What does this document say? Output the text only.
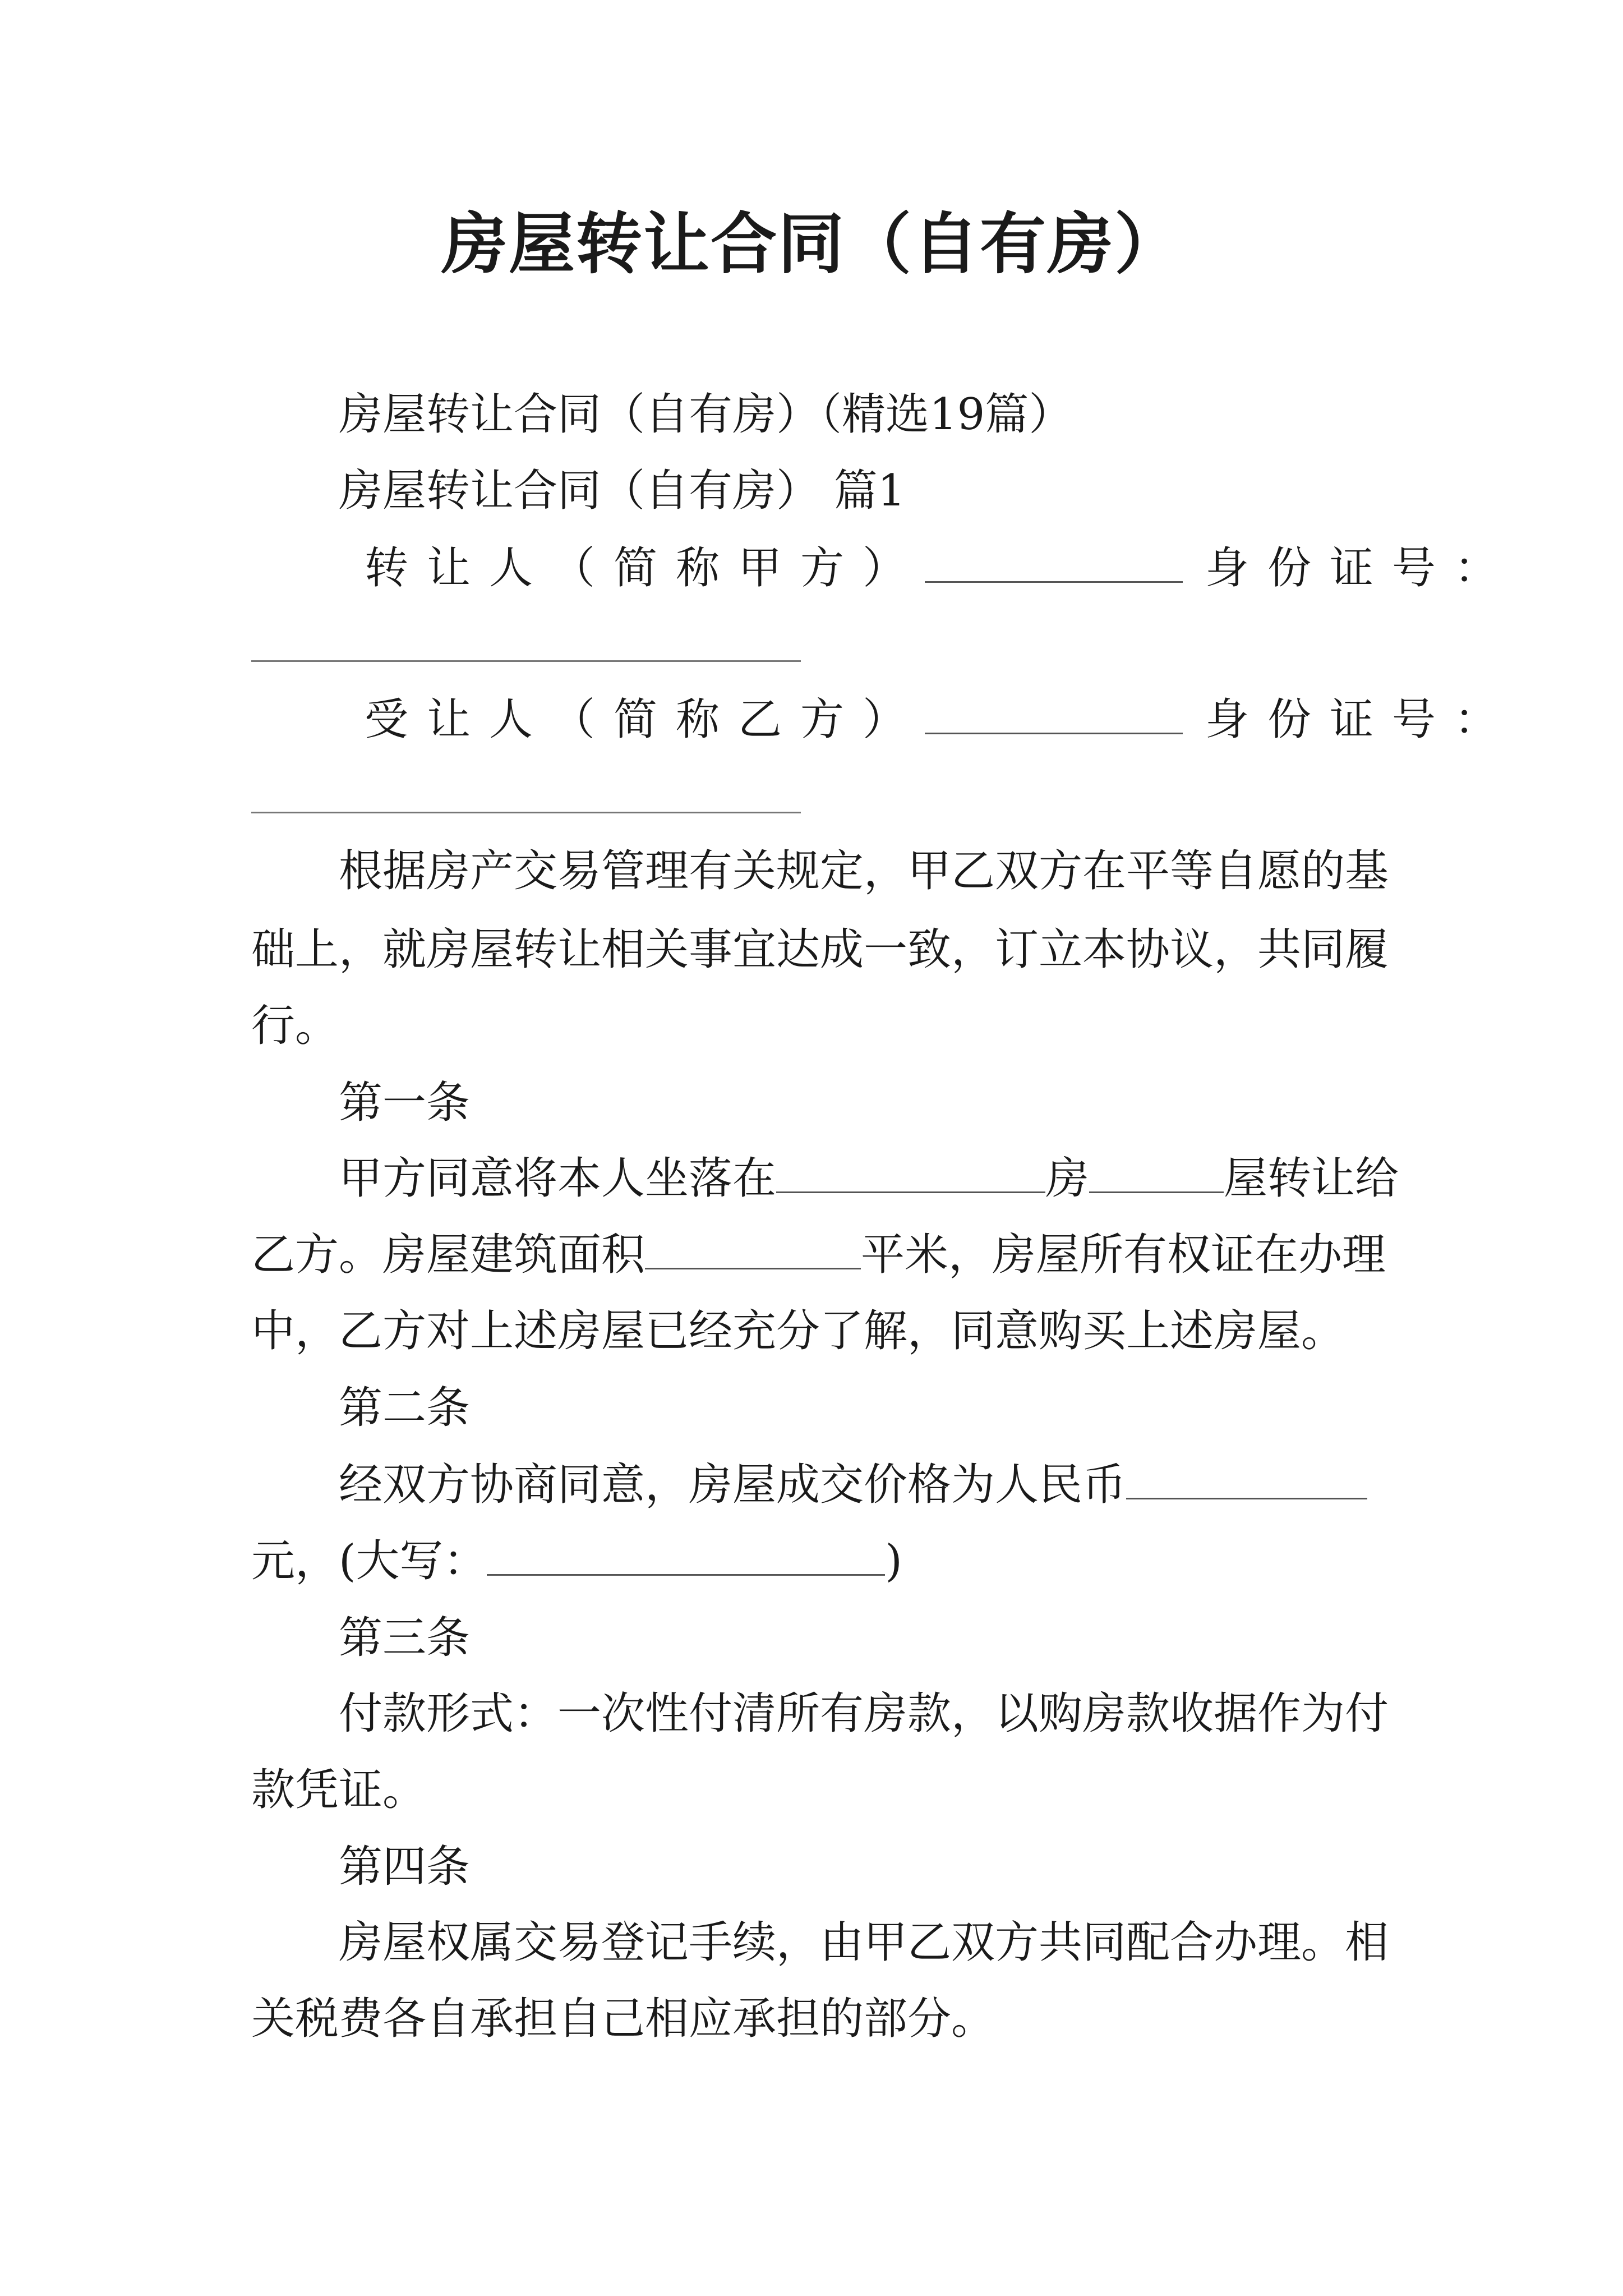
房屋转让合同（自有房）
房屋转让合同（自有房）（精选19篇）
房屋转让合同（自有房） 篇1
转让人（简称甲方）	身份证号：
受让人（简称乙方）	身份证号：
根据房产交易管理有关规定，甲乙双方在平等自愿的基
础上，就房屋转让相关事宜达成一致，订立本协议，共同履
行。
第一条
甲方同意将本人坐落在	房	屋转让给
乙方。房屋建筑面积	平米，房屋所有权证在办理
中，乙方对上述房屋已经充分了解，同意购买上述房屋。
第二条
经双方协商同意，房屋成交价格为人民币
元，(大写：	)
第三条
付款形式：一次性付清所有房款，以购房款收据作为付
款凭证。
第四条
房屋权属交易登记手续，由甲乙双方共同配合办理。相
关税费各自承担自己相应承担的部分。
